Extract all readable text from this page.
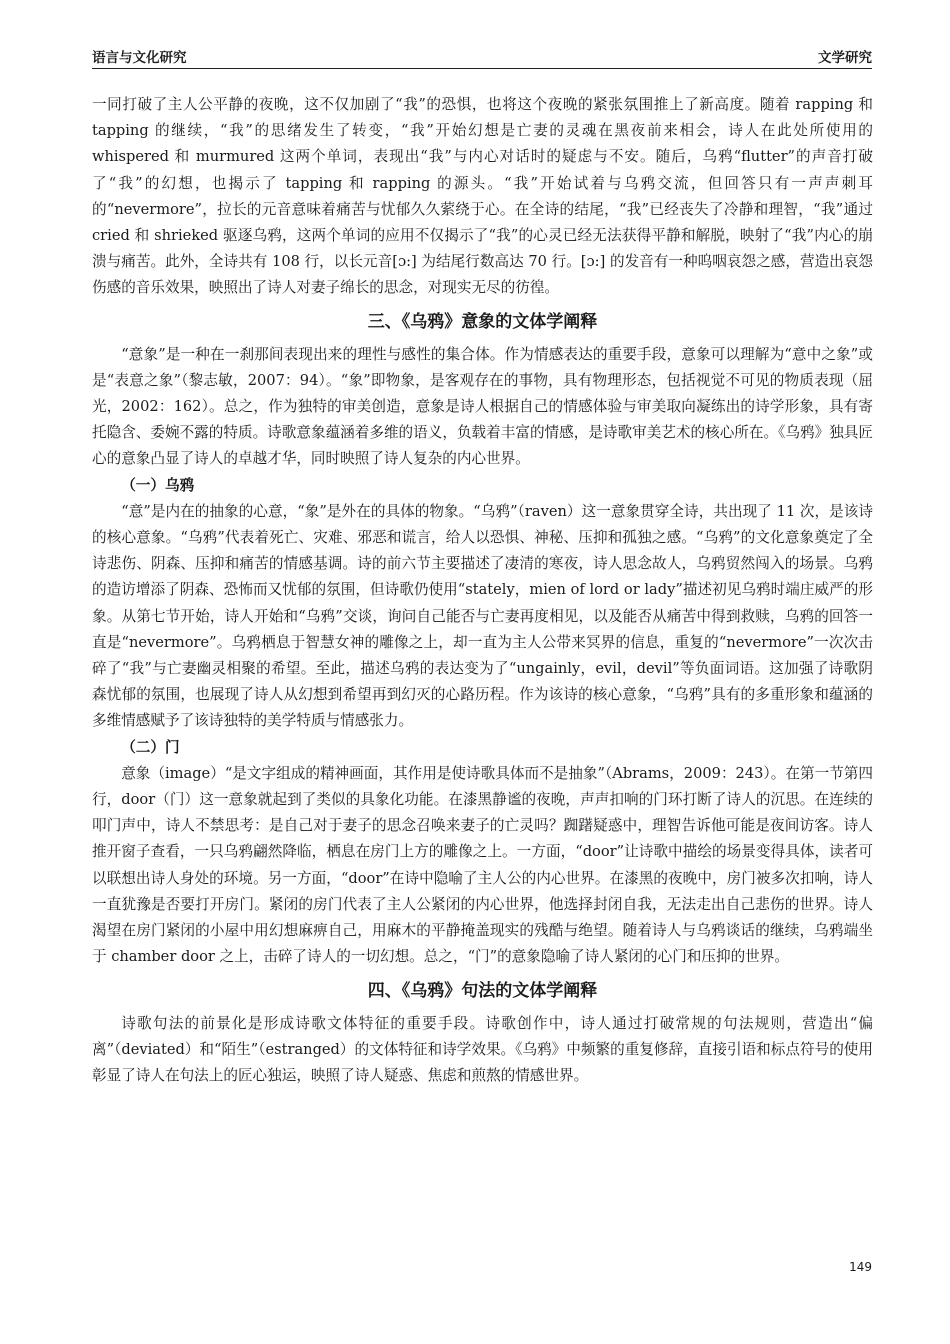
语言与文化研究	文学研究

一同打破了主人公平静的夜晚，这不仅加剧了“我”的恐惧，也将这个夜晚的紧张氛围推上了新高度。随着 rapping 和 tapping 的继续，“我”的思绪发生了转变，“我”开始幻想是亡妻的灵魂在黑夜前来相会，诗人在此处所使用的 whispered 和 murmured 这两个单词，表现出“我”与内心对话时的疑虑与不安。随后，乌鸦“flutter”的声音打破了“我”的幻想，也揭示了 tapping 和 rapping 的源头。“我”开始试着与乌鸦交流，但回答只有一声声刺耳的“nevermore”，拉长的元音意味着痛苦与忧郁久久萦绕于心。在全诗的结尾，“我”已经丧失了冷静和理智，“我”通过 cried 和 shrieked 驱逐乌鸦，这两个单词的应用不仅揭示了“我”的心灵已经无法获得平静和解脱，映射了“我”内心的崩溃与痛苦。此外，全诗共有 108 行，以长元音[ɔ:] 为结尾行数高达 70 行。[ɔ:] 的发音有一种呜咽哀怨之感，营造出哀怨伤感的音乐效果，映照出了诗人对妻子绵长的思念，对现实无尽的彷徨。

三、《乌鸦》意象的文体学阐释

“意象”是一种在一刹那间表现出来的理性与感性的集合体。作为情感表达的重要手段，意象可以理解为“意中之象”或是“表意之象”（黎志敏，2007：94）。“象”即物象，是客观存在的事物，具有物理形态，包括视觉不可见的物质表现（屈光，2002：162）。总之，作为独特的审美创造，意象是诗人根据自己的情感体验与审美取向凝练出的诗学形象，具有寄托隐含、委婉不露的特质。诗歌意象蕴涵着多维的语义，负载着丰富的情感，是诗歌审美艺术的核心所在。《乌鸦》独具匠心的意象凸显了诗人的卓越才华，同时映照了诗人复杂的内心世界。

（一）乌鸦

“意”是内在的抽象的心意，“象”是外在的具体的物象。“乌鸦”（raven）这一意象贯穿全诗，共出现了 11 次，是该诗的核心意象。“乌鸦”代表着死亡、灾难、邪恶和谎言，给人以恐惧、神秘、压抑和孤独之感。“乌鸦”的文化意象奠定了全诗悲伤、阴森、压抑和痛苦的情感基调。诗的前六节主要描述了凄清的寒夜，诗人思念故人，乌鸦贸然闯入的场景。乌鸦的造访增添了阴森、恐怖而又忧郁的氛围，但诗歌仍使用“stately，mien of lord or lady”描述初见乌鸦时端庄威严的形象。从第七节开始，诗人开始和“乌鸦”交谈，询问自己能否与亡妻再度相见，以及能否从痛苦中得到救赎，乌鸦的回答一直是“nevermore”。乌鸦栖息于智慧女神的雕像之上，却一直为主人公带来冥界的信息，重复的“nevermore”一次次击碎了“我”与亡妻幽灵相聚的希望。至此，描述乌鸦的表达变为了“ungainly，evil，devil”等负面词语。这加强了诗歌阴森忧郁的氛围，也展现了诗人从幻想到希望再到幻灭的心路历程。作为该诗的核心意象，“乌鸦”具有的多重形象和蕴涵的多维情感赋予了该诗独特的美学特质与情感张力。

（二）门

意象（image）“是文字组成的精神画面，其作用是使诗歌具体而不是抽象”（Abrams，2009：243）。在第一节第四行，door（门）这一意象就起到了类似的具象化功能。在漆黑静谧的夜晚，声声扣响的门环打断了诗人的沉思。在连续的叩门声中，诗人不禁思考：是自己对于妻子的思念召唤来妻子的亡灵吗？踟躇疑惑中，理智告诉他可能是夜间访客。诗人推开窗子查看，一只乌鸦翩然降临，栖息在房门上方的雕像之上。一方面，“door”让诗歌中描绘的场景变得具体，读者可以联想出诗人身处的环境。另一方面，“door”在诗中隐喻了主人公的内心世界。在漆黑的夜晚中，房门被多次扣响，诗人一直犹豫是否要打开房门。紧闭的房门代表了主人公紧闭的内心世界，他选择封闭自我，无法走出自己悲伤的世界。诗人渴望在房门紧闭的小屋中用幻想麻痹自己，用麻木的平静掩盖现实的残酷与绝望。随着诗人与乌鸦谈话的继续，乌鸦端坐于 chamber door 之上，击碎了诗人的一切幻想。总之，“门”的意象隐喻了诗人紧闭的心门和压抑的世界。

四、《乌鸦》句法的文体学阐释

诗歌句法的前景化是形成诗歌文体特征的重要手段。诗歌创作中，诗人通过打破常规的句法规则，营造出“偏离”（deviated）和“陌生”（estranged）的文体特征和诗学效果。《乌鸦》中频繁的重复修辞，直接引语和标点符号的使用彰显了诗人在句法上的匠心独运，映照了诗人疑惑、焦虑和煎熬的情感世界。

149
